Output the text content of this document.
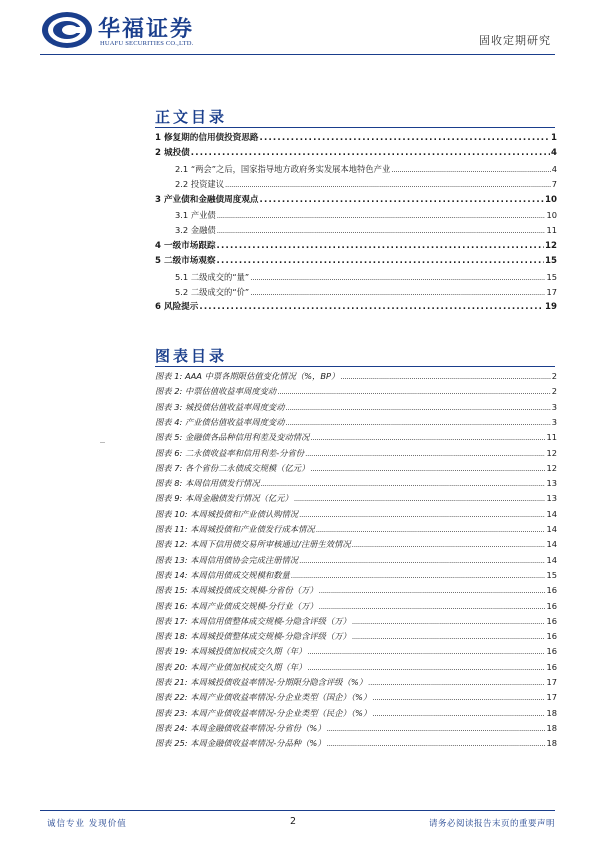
华福证券
HUAFU SECURITIES CO.,LTD.	固收定期研究
正文目录
1 修复期的信用债投资思路 .....	1
2 城投债 .....	4
2.1 “两会”之后，国家指导地方政府务实发展本地特色产业 .....	4
2.2 投资建议 .....	7
3 产业债和金融债周度观点 .....	10
3.1 产业债 .....	10
3.2 金融债 .....	11
4 一级市场跟踪 .....	12
5 二级市场观察 .....	15
5.1 二级成交的“量” .....	15
5.2 二级成交的“价” .....	17
6 风险提示 .....	19
图表目录
图表 1: AAA 中票各期限估值变化情况（%，BP） .....	2
图表 2: 中票估值收益率周度变动 .....	2
图表 3: 城投债估值收益率周度变动 .....	3
图表 4: 产业债估值收益率周度变动 .....	3
图表 5: 金融债各品种信用利差及变动情况 .....	11
图表 6: 二永债收益率和信用利差-分省份 .....	12
图表 7: 各个省份二永债成交规模（亿元） .....	12
图表 8: 本周信用债发行情况 .....	13
图表 9: 本周金融债发行情况（亿元） .....	13
图表 10: 本周城投债和产业债认购情况 .....	14
图表 11: 本周城投债和产业债发行成本情况 .....	14
图表 12: 本周下信用债交易所审核通过/注册生效情况 .....	14
图表 13: 本周信用债协会完成注册情况 .....	14
图表 14: 本周信用债成交规模和数量 .....	15
图表 15: 本周城投债成交规模-分省份（万） .....	16
图表 16: 本周产业债成交规模-分行业（万） .....	16
图表 17: 本周信用债整体成交规模-分隐含评级（万） .....	16
图表 18: 本周城投债整体成交规模-分隐含评级（万） .....	16
图表 19: 本周城投债加权成交久期（年） .....	16
图表 20: 本周产业债加权成交久期（年） .....	16
图表 21: 本周城投债收益率情况-分期限分隐含评级（%） .....	17
图表 22: 本周产业债收益率情况-分企业类型（国企）（%） .....	17
图表 23: 本周产业债收益率情况-分企业类型（民企）（%） .....	18
图表 24: 本周金融债收益率情况-分省份（%） .....	18
图表 25: 本周金融债收益率情况-分品种（%） .....	18
诚信专业 发现价值	2	请务必阅读报告末页的重要声明
